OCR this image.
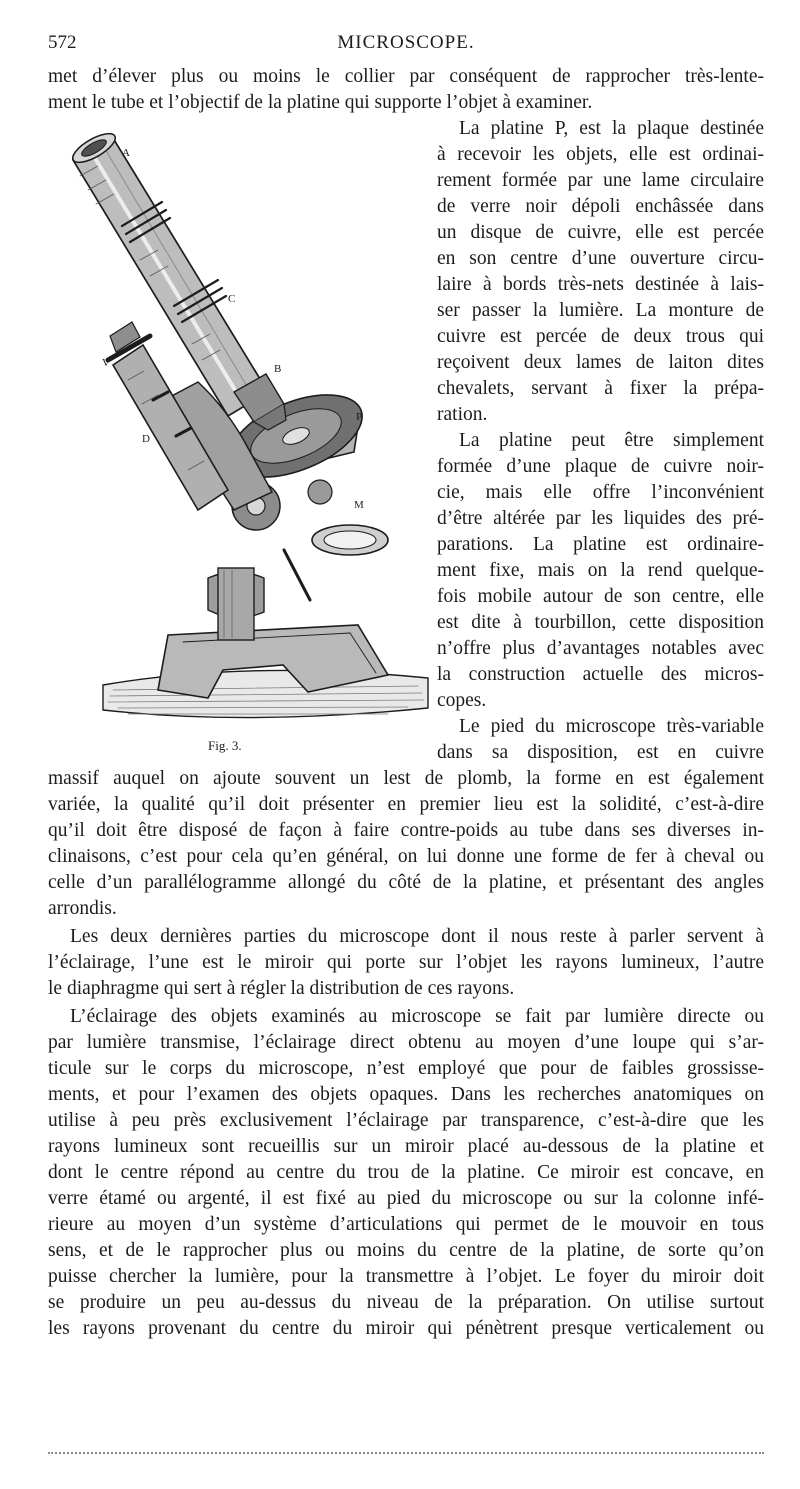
572	MICROSCOPE.
met d’élever plus ou moins le collier par conséquent de rapprocher très-lente-
ment le tube et l’objectif de la platine qui supporte l’objet à examiner.
La platine P, est la plaque destinée
à recevoir les objets, elle est ordinai-
rement formée par une lame circulaire
de verre noir dépoli enchâssée dans
un disque de cuivre, elle est percée
en son centre d’une ouverture circu-
laire à bords très-nets destinée à lais-
ser passer la lumière. La monture de
cuivre est percée de deux trous qui
reçoivent deux lames de laiton dites
chevalets, servant à fixer la prépa-
ration.
La platine peut être simplement
formée d’une plaque de cuivre noir-
cie, mais elle offre l’inconvénient
d’être altérée par les liquides des pré-
parations. La platine est ordinaire-
ment fixe, mais on la rend quelque-
fois mobile autour de son centre, elle
est dite à tourbillon, cette disposition
n’offre plus d’avantages notables avec
la construction actuelle des micros-
copes.
Le pied du microscope très-variable
dans sa disposition, est en cuivre
massif auquel on ajoute souvent un lest de plomb, la forme en est également
variée, la qualité qu’il doit présenter en premier lieu est la solidité, c’est-à-dire
qu’il doit être disposé de façon à faire contre-poids au tube dans ses diverses in-
clinaisons, c’est pour cela qu’en général, on lui donne une forme de fer à cheval ou
celle d’un parallélogramme allongé du côté de la platine, et présentant des angles
arrondis.
Les deux dernières parties du microscope dont il nous reste à parler servent à
l’éclairage, l’une est le miroir qui porte sur l’objet les rayons lumineux, l’autre
le diaphragme qui sert à régler la distribution de ces rayons.
L’éclairage des objets examinés au microscope se fait par lumière directe ou
par lumière transmise, l’éclairage direct obtenu au moyen d’une loupe qui s’ar-
ticule sur le corps du microscope, n’est employé que pour de faibles grossisse-
ments, et pour l’examen des objets opaques. Dans les recherches anatomiques on
utilise à peu près exclusivement l’éclairage par transparence, c’est-à-dire que les
rayons lumineux sont recueillis sur un miroir placé au-dessous de la platine et
dont le centre répond au centre du trou de la platine. Ce miroir est concave, en
verre étamé ou argenté, il est fixé au pied du microscope ou sur la colonne infé-
rieure au moyen d’un système d’articulations qui permet de le mouvoir en tous
sens, et de le rapprocher plus ou moins du centre de la platine, de sorte qu’on
puisse chercher la lumière, pour la transmettre à l’objet. Le foyer du miroir doit
se produire un peu au-dessus du niveau de la préparation. On utilise surtout
les rayons provenant du centre du miroir qui pénètrent presque verticalement ou
A
C
V	B
P
D
M
Fig. 3.
